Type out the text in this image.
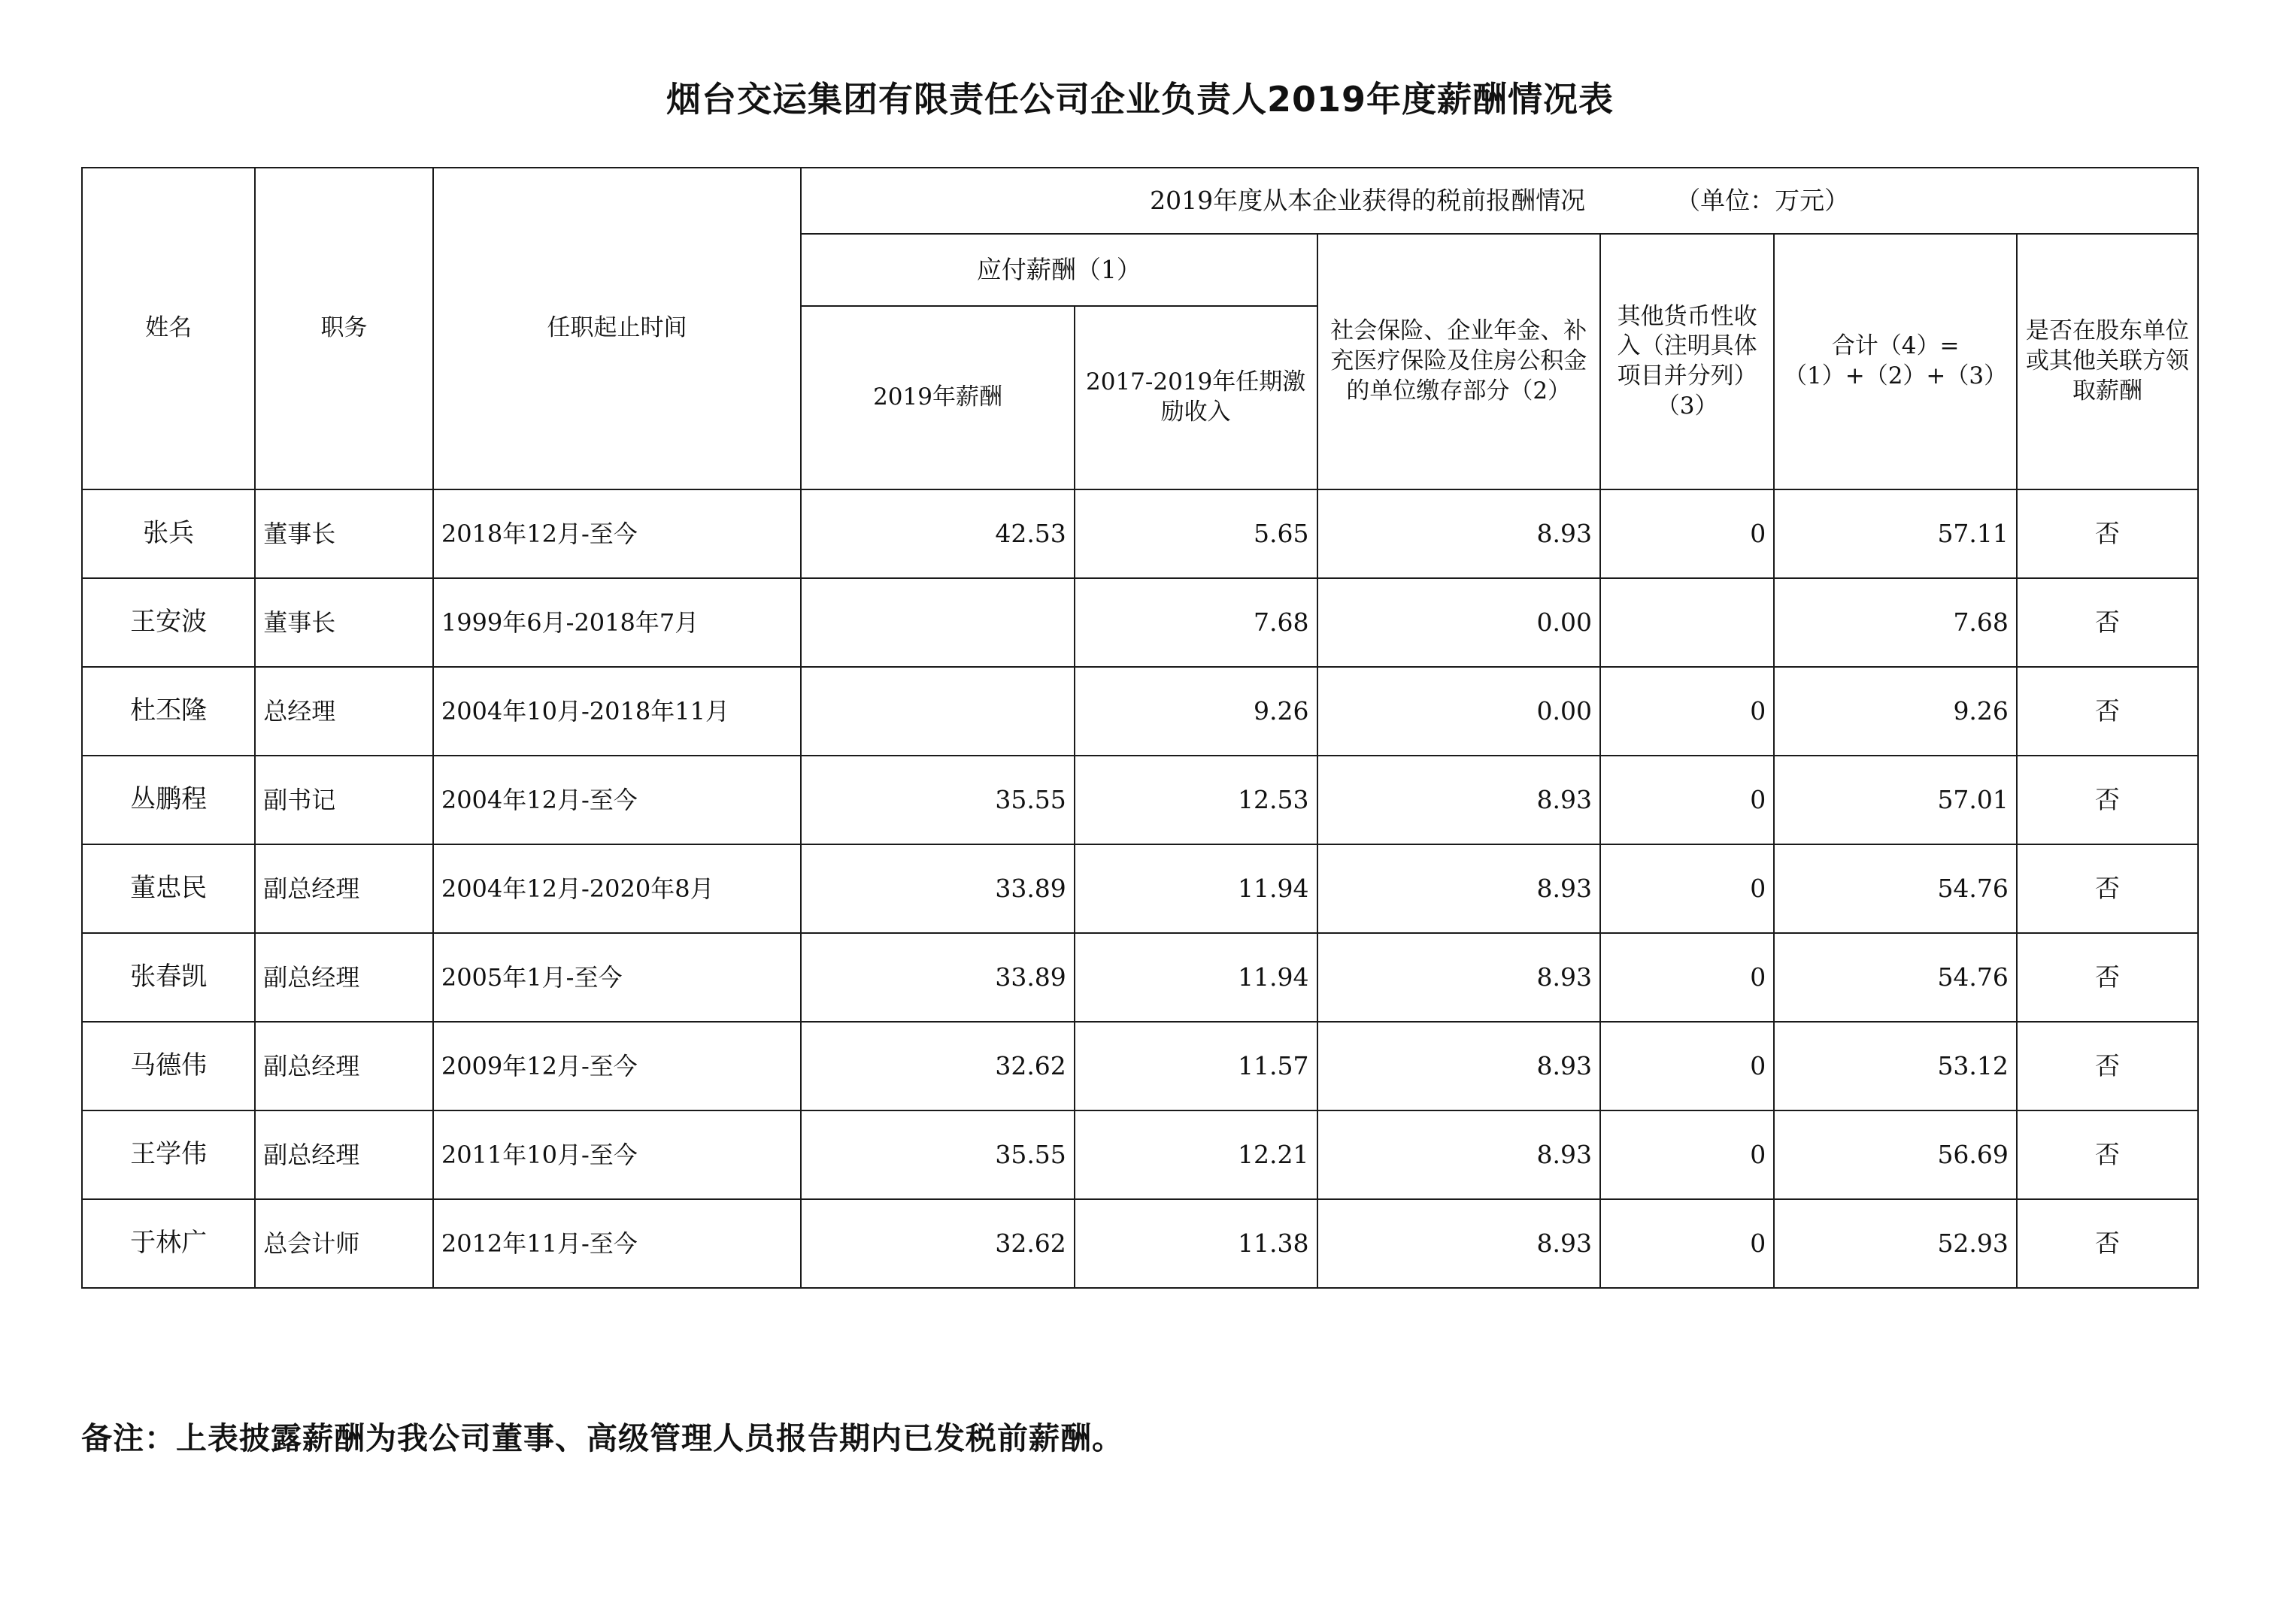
烟台交运集团有限责任公司企业负责人2019年度薪酬情况表
姓名	职务	任职起止时间	2019年度从本企业获得的税前报酬情况 （单位：万元）					
			应付薪酬（1）		社会保险、企业年金、补充医疗保险及住房公积金的单位缴存部分（2）	其他货币性收入（注明具体项目并分列）（3）	合计（4）=（1）+（2）+（3）	是否在股东单位或其他关联方领取薪酬
			2019年薪酬	2017-2019年任期激励收入				
张兵	董事长	2018年12月-至今	42.53	5.65	8.93	0	57.11	否
王安波	董事长	1999年6月-2018年7月		7.68	0.00		7.68	否
杜丕隆	总经理	2004年10月-2018年11月		9.26	0.00	0	9.26	否
丛鹏程	副书记	2004年12月-至今	35.55	12.53	8.93	0	57.01	否
董忠民	副总经理	2004年12月-2020年8月	33.89	11.94	8.93	0	54.76	否
张春凯	副总经理	2005年1月-至今	33.89	11.94	8.93	0	54.76	否
马德伟	副总经理	2009年12月-至今	32.62	11.57	8.93	0	53.12	否
王学伟	副总经理	2011年10月-至今	35.55	12.21	8.93	0	56.69	否
于林广	总会计师	2012年11月-至今	32.62	11.38	8.93	0	52.93	否
备注：上表披露薪酬为我公司董事、高级管理人员报告期内已发税前薪酬。
